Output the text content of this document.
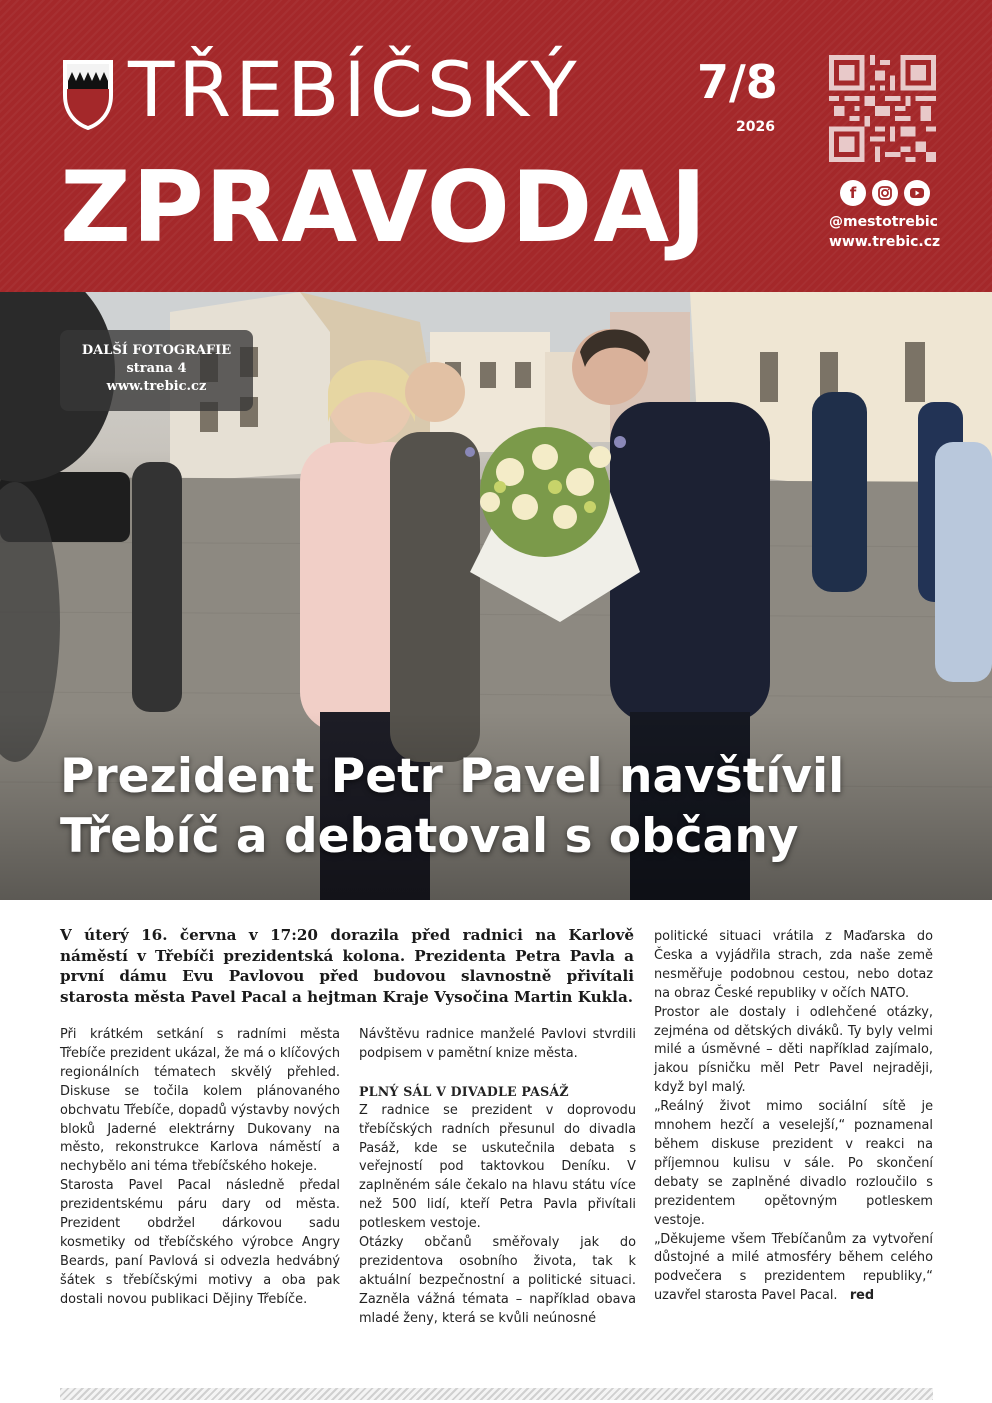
TŘEBÍČSKÝ
ZPRAVODAJ
7/8
2026
f
@mestotrebic
www.trebic.cz
DALŠÍ FOTOGRAFIE
strana 4
www.trebic.cz
Prezident Petr Pavel navštívil
Třebíč a debatoval s občany
V úterý 16. června v 17:20 dorazila před radnici na Karlově náměstí v Třebíči prezidentská kolona. Prezidenta Petra Pavla a první dámu Evu Pavlovou před budovou slavnostně přivítali starosta města Pavel Pacal a hejtman Kraje Vysočina Martin Kukla.

Při krátkém setkání s radními města Třebíče prezident ukázal, že má o klíčových regionálních tématech skvělý přehled. Diskuse se točila kolem plánovaného obchvatu Třebíče, dopadů výstavby nových bloků Jaderné elektrárny Dukovany na město, rekonstrukce Karlova náměstí a nechybělo ani téma třebíčského hokeje.

Starosta Pavel Pacal následně předal prezidentskému páru dary od města. Prezident obdržel dárkovou sadu kosmetiky od třebíčského výrobce Angry Beards, paní Pavlová si odvezla hedvábný šátek s třebíčskými motivy a oba pak dostali novou publikaci Dějiny Třebíče.

Návštěvu radnice manželé Pavlovi stvrdili podpisem v pamětní knize města.

PLNÝ SÁL V DIVADLE PASÁŽ

Z radnice se prezident v doprovodu třebíčských radních přesunul do divadla Pasáž, kde se uskutečnila debata s veřejností pod taktovkou Deníku. V zaplněném sále čekalo na hlavu státu více než 500 lidí, kteří Petra Pavla přivítali potleskem vestoje.

Otázky občanů směřovaly jak do prezidentova osobního života, tak k aktuální bezpečnostní a politické situaci. Zazněla vážná témata – například obava mladé ženy, která se kvůli neúnosné

politické situaci vrátila z Maďarska do Česka a vyjádřila strach, zda naše země nesměřuje podobnou cestou, nebo dotaz na obraz České republiky v očích NATO.

Prostor ale dostaly i odlehčené otázky, zejména od dětských diváků. Ty byly velmi milé a úsměvné – děti například zajímalo, jakou písničku měl Petr Pavel nejraději, když byl malý.

„Reálný život mimo sociální sítě je mnohem hezčí a veselejší,“ poznamenal během diskuse prezident v reakci na příjemnou kulisu v sále. Po skončení debaty se zaplněné divadlo rozloučilo s prezidentem opětovným potleskem vestoje.

„Děkujeme všem Třebíčanům za vytvoření důstojné a milé atmosféry během celého podvečera s prezidentem republiky,“ uzavřel starosta Pavel Pacal. red
